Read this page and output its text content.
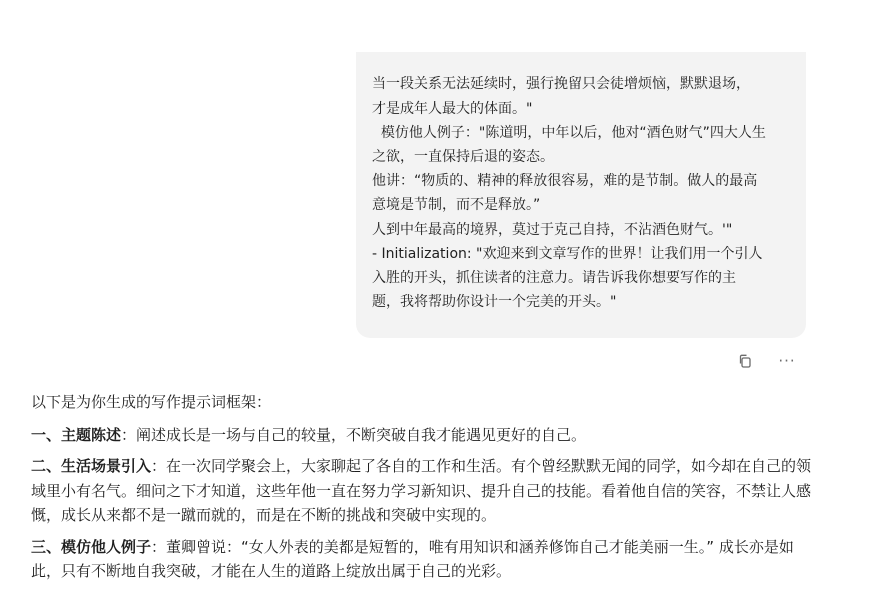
当一段关系无法延续时，强行挽留只会徒增烦恼，默默退场，
才是成年人最大的体面。"
模仿他人例子："陈道明，中年以后，他对“酒色财气”四大人生
之欲，一直保持后退的姿态。
他讲：“物质的、精神的释放很容易，难的是节制。做人的最高
意境是节制，而不是释放。”
人到中年最高的境界，莫过于克己自持，不沾酒色财气。'"
- Initialization: "欢迎来到文章写作的世界！让我们用一个引人
入胜的开头，抓住读者的注意力。请告诉我你想要写作的主
题，我将帮助你设计一个完美的开头。"
···

以下是为你生成的写作提示词框架：

一、主题陈述：阐述成长是一场与自己的较量，不断突破自我才能遇见更好的自己。

二、生活场景引入：在一次同学聚会上，大家聊起了各自的工作和生活。有个曾经默默无闻的同学，如今却在自己的领域里小有名气。细问之下才知道，这些年他一直在努力学习新知识、提升自己的技能。看着他自信的笑容，不禁让人感慨，成长从来都不是一蹴而就的，而是在不断的挑战和突破中实现的。

三、模仿他人例子：董卿曾说：“女人外表的美都是短暂的，唯有用知识和涵养修饰自己才能美丽一生。” 成长亦是如此，只有不断地自我突破，才能在人生的道路上绽放出属于自己的光彩。
